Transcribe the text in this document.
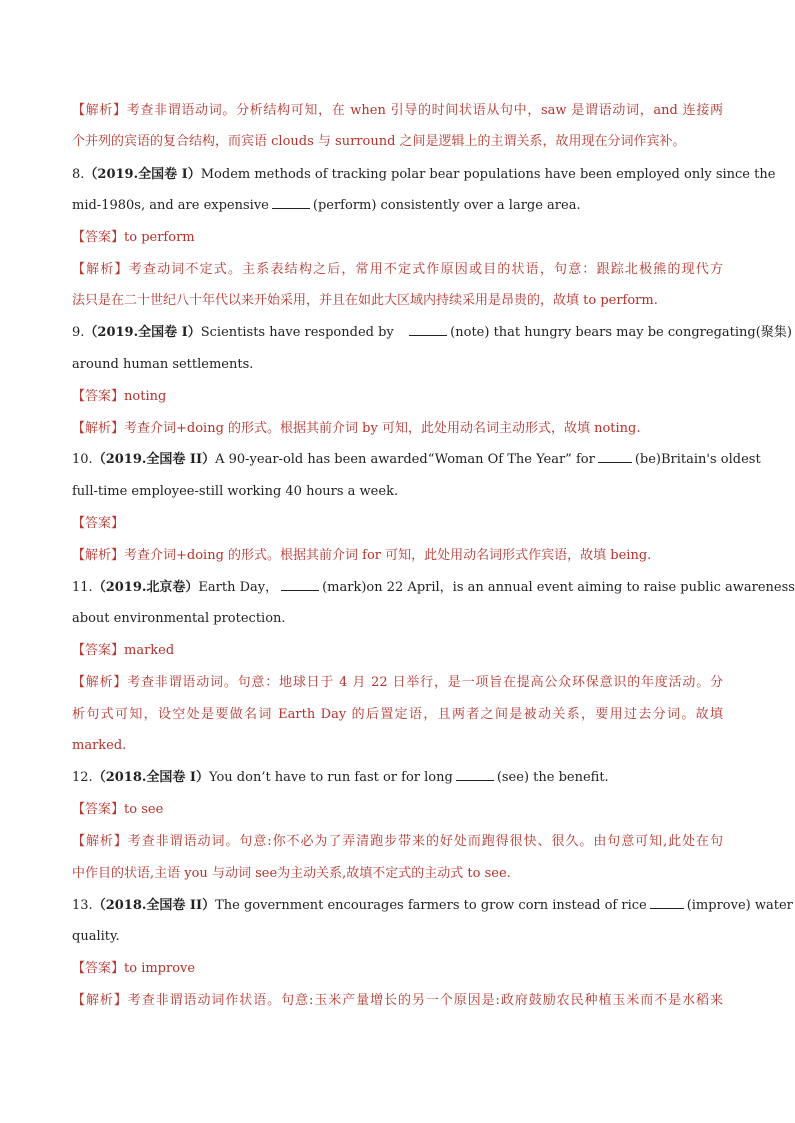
【解析】考查非谓语动词。分析结构可知，在 when 引导的时间状语从句中，saw 是谓语动词，and 连接两
个并列的宾语的复合结构，而宾语 clouds 与 surround 之间是逻辑上的主谓关系，故用现在分词作宾补。
8.（2019.全国卷 I）Modem methods of tracking polar bear populations have been employed only since the
mid-1980s, and are expensive	(perform) consistently over a large area.
【答案】to perform
【解析】考查动词不定式。主系表结构之后，常用不定式作原因或目的状语，句意：跟踪北极熊的现代方
法只是在二十世纪八十年代以来开始采用，并且在如此大区域内持续采用是昂贵的，故填 to perform.
9.（2019.全国卷 I）Scientists have responded by	(note) that hungry bears may be congregating(聚集)
around human settlements.
【答案】noting
【解析】考查介词+doing 的形式。根据其前介词 by 可知，此处用动名词主动形式，故填 noting.
10.（2019.全国卷 II）A 90-year-old has been awarded“Woman Of The Year” for	(be)Britain's oldest
full-time employee-still working 40 hours a week.
【答案】
【解析】考查介词+doing 的形式。根据其前介词 for 可知，此处用动名词形式作宾语，故填 being.
11.（2019.北京卷）Earth Day，	(mark)on 22 April，is an annual event aiming to raise public awareness
about environmental protection.
【答案】marked
【解析】考查非谓语动词。句意：地球日于 4 月 22 日举行，是一项旨在提高公众环保意识的年度活动。分
析句式可知，设空处是要做名词 Earth Day 的后置定语，且两者之间是被动关系，要用过去分词。故填
marked.
12.（2018.全国卷 I）You don’t have to run fast or for long	(see) the benefit.
【答案】to see
【解析】考查非谓语动词。句意:你不必为了弄清跑步带来的好处而跑得很快、很久。由句意可知,此处在句
中作目的状语,主语 you 与动词 see为主动关系,故填不定式的主动式 to see.
13.（2018.全国卷 II）The government encourages farmers to grow corn instead of rice	(improve) water
quality.
【答案】to improve
【解析】考查非谓语动词作状语。句意:玉米产量增长的另一个原因是:政府鼓励农民种植玉米而不是水稻来
